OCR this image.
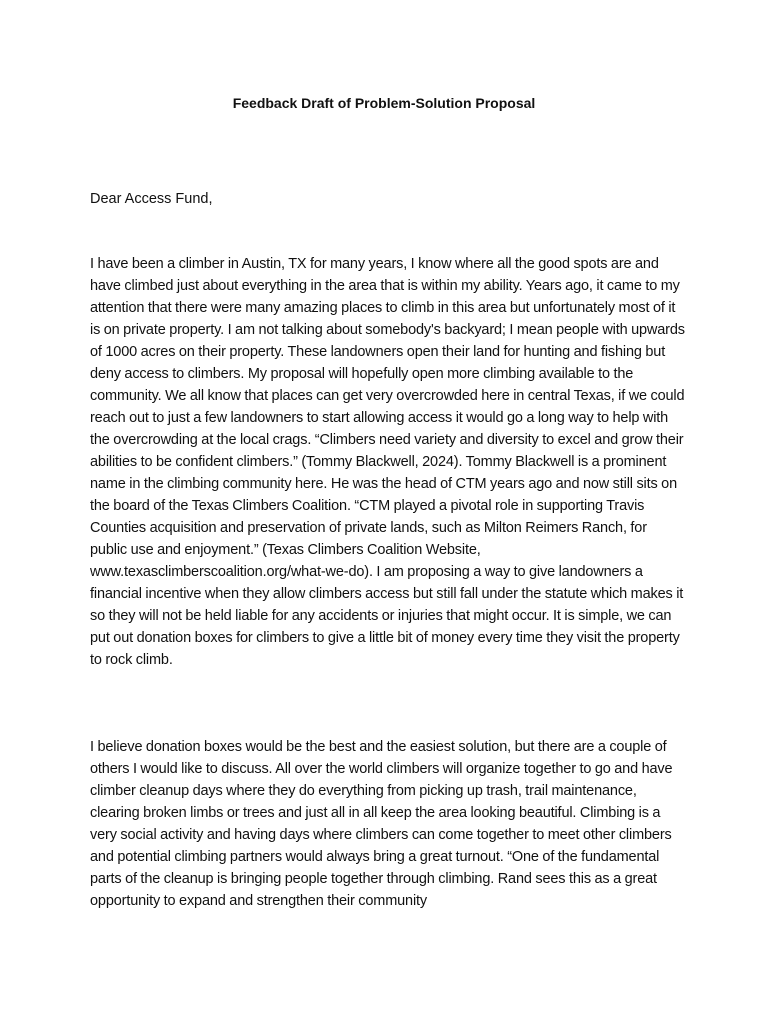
Feedback Draft of Problem-Solution Proposal
Dear Access Fund,

I have been a climber in Austin, TX for many years, I know where all the good spots are and have climbed just about everything in the area that is within my ability. Years ago, it came to my attention that there were many amazing places to climb in this area but unfortunately most of it is on private property. I am not talking about somebody's backyard; I mean people with upwards of 1000 acres on their property. These landowners open their land for hunting and fishing but deny access to climbers. My proposal will hopefully open more climbing available to the community. We all know that places can get very overcrowded here in central Texas, if we could reach out to just a few landowners to start allowing access it would go a long way to help with the overcrowding at the local crags. “Climbers need variety and diversity to excel and grow their abilities to be confident climbers.” (Tommy Blackwell, 2024). Tommy Blackwell is a prominent name in the climbing community here. He was the head of CTM years ago and now still sits on the board of the Texas Climbers Coalition. “CTM played a pivotal role in supporting Travis Counties acquisition and preservation of private lands, such as Milton Reimers Ranch, for public use and enjoyment.” (Texas Climbers Coalition Website, www.texasclimberscoalition.org/what-we-do). I am proposing a way to give landowners a financial incentive when they allow climbers access but still fall under the statute which makes it so they will not be held liable for any accidents or injuries that might occur. It is simple, we can put out donation boxes for climbers to give a little bit of money every time they visit the property to rock climb.

I believe donation boxes would be the best and the easiest solution, but there are a couple of others I would like to discuss. All over the world climbers will organize together to go and have climber cleanup days where they do everything from picking up trash, trail maintenance, clearing broken limbs or trees and just all in all keep the area looking beautiful. Climbing is a very social activity and having days where climbers can come together to meet other climbers and potential climbing partners would always bring a great turnout. “One of the fundamental parts of the cleanup is bringing people together through climbing. Rand sees this as a great opportunity to expand and strengthen their community
